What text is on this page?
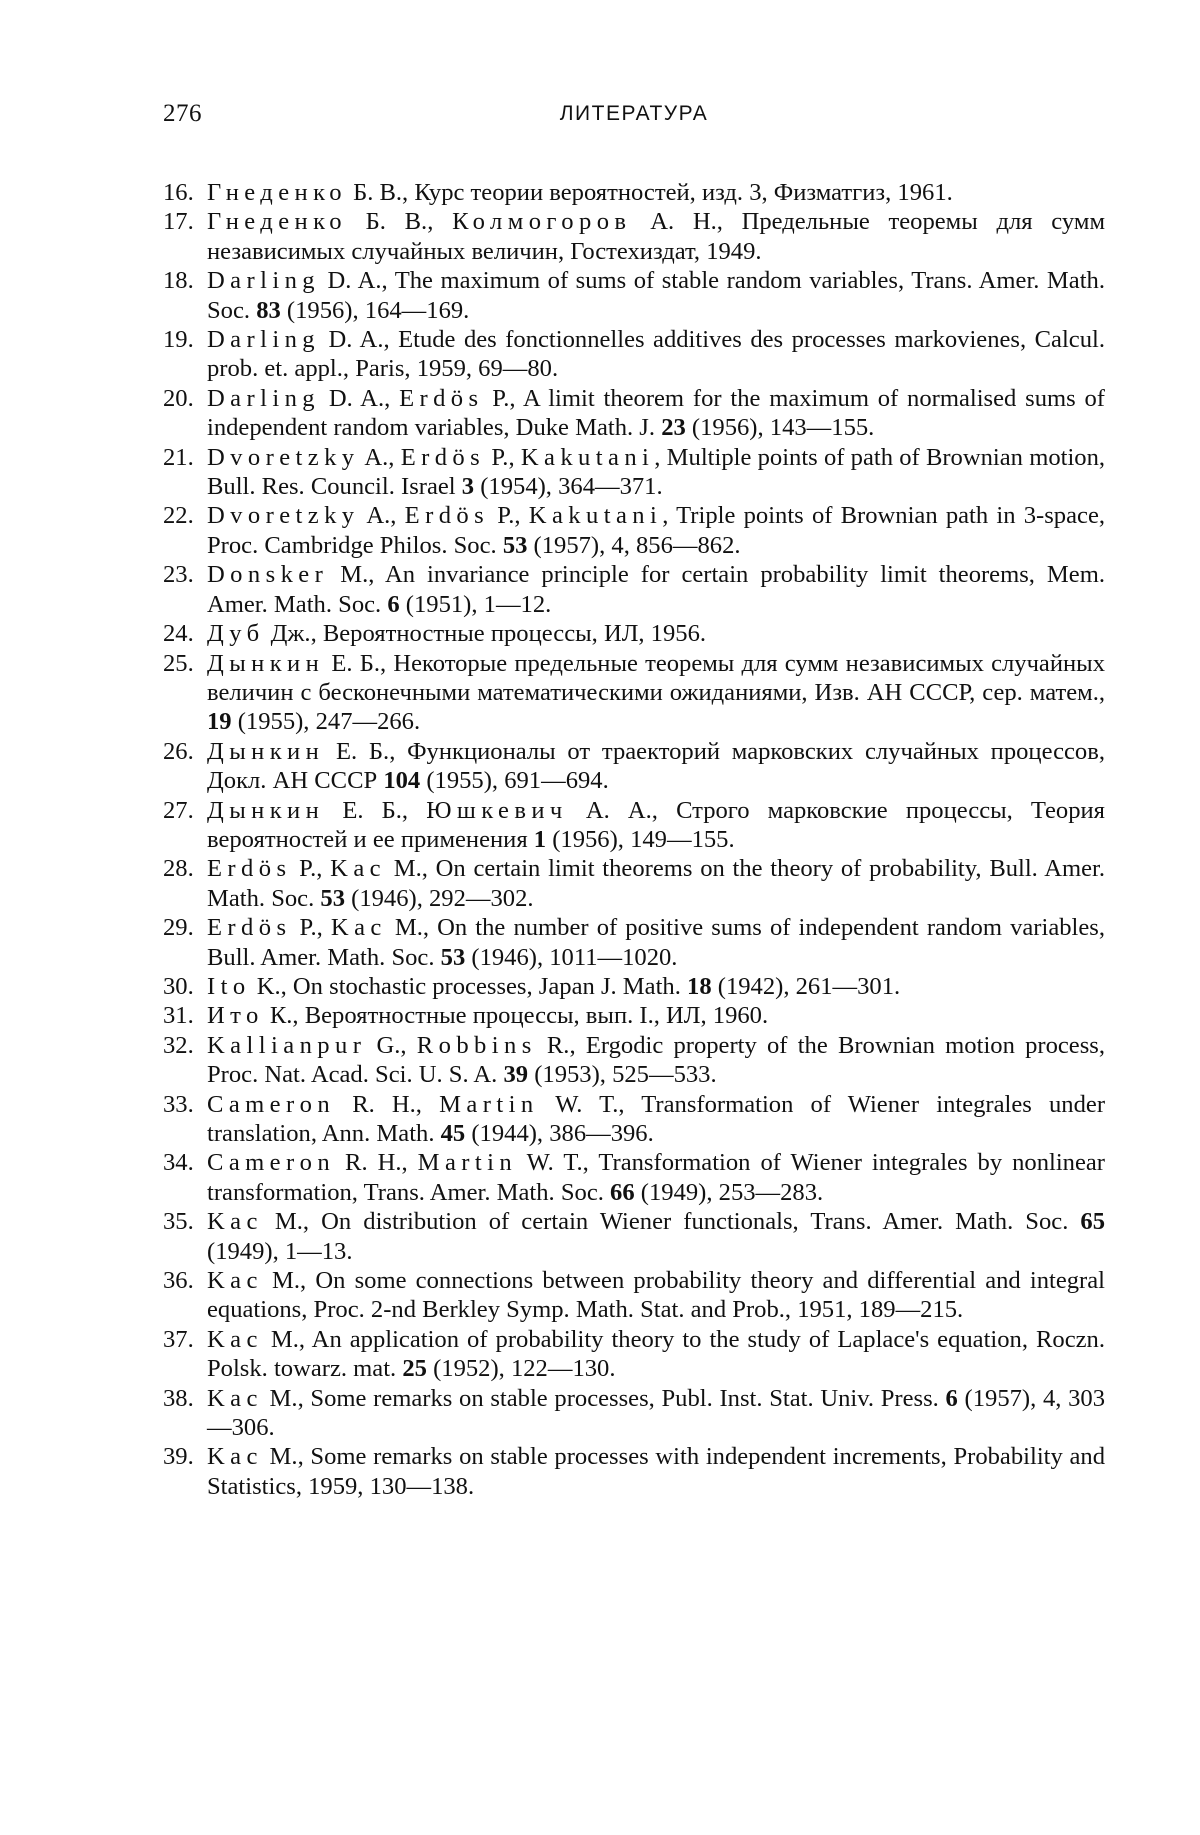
276	ЛИТЕРАТУРА
16. Гнеденко Б. В., Курс теории вероятностей, изд. 3, Физматгиз, 1961.
17. Гнеденко Б. В., Колмогоров А. Н., Предельные теоремы для сумм независимых случайных величин, Гостехиздат, 1949.
18. Darling D. A., The maximum of sums of stable random variables, Trans. Amer. Math. Soc. 83 (1956), 164—169.
19. Darling D. A., Etude des fonctionnelles additives des processes markovienes, Calcul. prob. et. appl., Paris, 1959, 69—80.
20. Darling D. A., Erdös P., A limit theorem for the maximum of normalised sums of independent random variables, Duke Math. J. 23 (1956), 143—155.
21. Dvoretzky A., Erdös P., Kakutani, Multiple points of path of Brownian motion, Bull. Res. Council. Israel 3 (1954), 364—371.
22. Dvoretzky A., Erdös P., Kakutani, Triple points of Brownian path in 3-space, Proc. Cambridge Philos. Soc. 53 (1957), 4, 856—862.
23. Donsker M., An invariance principle for certain probability limit theorems, Mem. Amer. Math. Soc. 6 (1951), 1—12.
24. Дуб Дж., Вероятностные процессы, ИЛ, 1956.
25. Дынкин Е. Б., Некоторые предельные теоремы для сумм независимых случайных величин с бесконечными математическими ожиданиями, Изв. АН СССР, сер. матем., 19 (1955), 247—266.
26. Дынкин Е. Б., Функционалы от траекторий марковских случайных процессов, Докл. АН СССР 104 (1955), 691—694.
27. Дынкин Е. Б., Юшкевич А. А., Строго марковские процессы, Теория вероятностей и ее применения 1 (1956), 149—155.
28. Erdös P., Kac M., On certain limit theorems on the theory of probability, Bull. Amer. Math. Soc. 53 (1946), 292—302.
29. Erdös P., Kac M., On the number of positive sums of independent random variables, Bull. Amer. Math. Soc. 53 (1946), 1011—1020.
30. Ito K., On stochastic processes, Japan J. Math. 18 (1942), 261—301.
31. Ито К., Вероятностные процессы, вып. I., ИЛ, 1960.
32. Kallianpur G., Robbins R., Ergodic property of the Brownian motion process, Proc. Nat. Acad. Sci. U. S. A. 39 (1953), 525—533.
33. Cameron R. H., Martin W. T., Transformation of Wiener integrales under translation, Ann. Math. 45 (1944), 386—396.
34. Cameron R. H., Martin W. T., Transformation of Wiener integrales by nonlinear transformation, Trans. Amer. Math. Soc. 66 (1949), 253—283.
35. Kac M., On distribution of certain Wiener functionals, Trans. Amer. Math. Soc. 65 (1949), 1—13.
36. Kac M., On some connections between probability theory and differential and integral equations, Proc. 2-nd Berkley Symp. Math. Stat. and Prob., 1951, 189—215.
37. Kac M., An application of probability theory to the study of Laplace's equation, Roczn. Polsk. towarz. mat. 25 (1952), 122—130.
38. Kac M., Some remarks on stable processes, Publ. Inst. Stat. Univ. Press. 6 (1957), 4, 303—306.
39. Kac M., Some remarks on stable processes with independent increments, Probability and Statistics, 1959, 130—138.
